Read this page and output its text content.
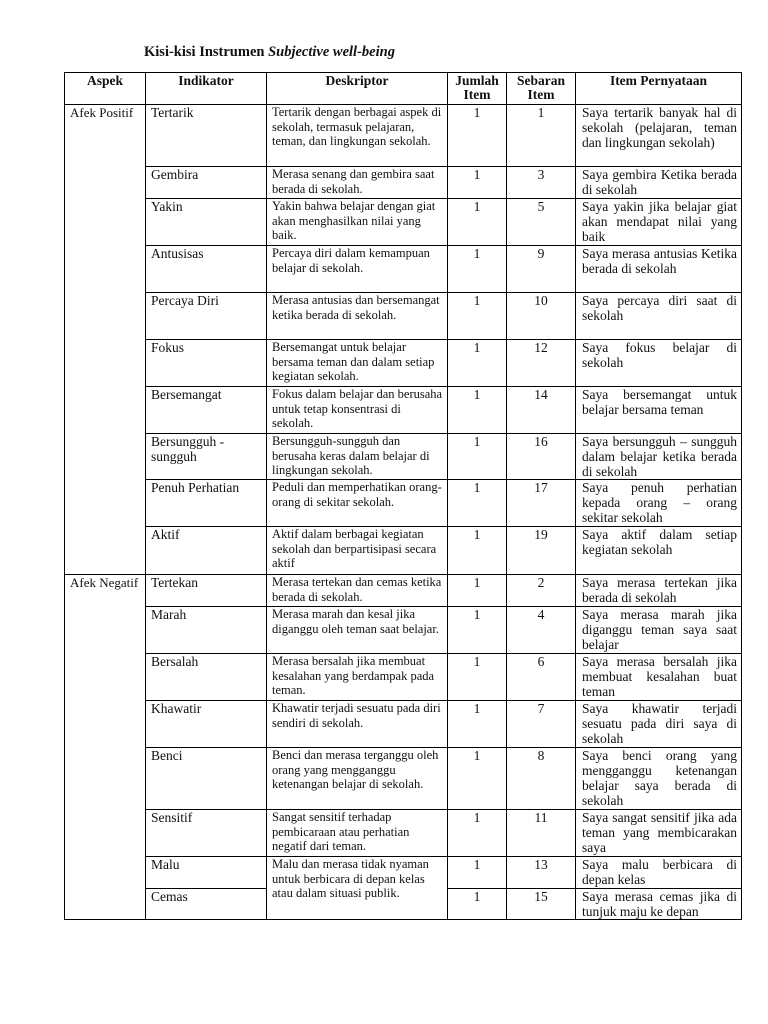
Kisi-kisi Instrumen Subjective well-being
Aspek	Indikator	Deskriptor	Jumlah Item	Sebaran Item	Item Pernyataan
Afek Positif	Tertarik	Tertarik dengan berbagai aspek di sekolah, termasuk pelajaran, teman, dan lingkungan sekolah.	1	1	Saya tertarik banyak hal di sekolah (pelajaran, teman dan lingkungan sekolah)
	Gembira	Merasa senang dan gembira saat berada di sekolah.	1	3	Saya gembira Ketika berada di sekolah
	Yakin	Yakin bahwa belajar dengan giat akan menghasilkan nilai yang baik.	1	5	Saya yakin jika belajar giat akan mendapat nilai yang baik
	Antusisas	Percaya diri dalam kemampuan belajar di sekolah.	1	9	Saya merasa antusias Ketika berada di sekolah
	Percaya Diri	Merasa antusias dan bersemangat ketika berada di sekolah.	1	10	Saya percaya diri saat di sekolah
	Fokus	Bersemangat untuk belajar bersama teman dan dalam setiap kegiatan sekolah.	1	12	Saya fokus belajar di sekolah
	Bersemangat	Fokus dalam belajar dan berusaha untuk tetap konsentrasi di sekolah.	1	14	Saya bersemangat untuk belajar bersama teman
	Bersungguh - sungguh	Bersungguh-sungguh dan berusaha keras dalam belajar di lingkungan sekolah.	1	16	Saya bersungguh – sungguh dalam belajar ketika berada di sekolah
	Penuh Perhatian	Peduli dan memperhatikan orang-orang di sekitar sekolah.	1	17	Saya penuh perhatian kepada orang – orang sekitar sekolah
	Aktif	Aktif dalam berbagai kegiatan sekolah dan berpartisipasi secara aktif	1	19	Saya aktif dalam setiap kegiatan sekolah
Afek Negatif	Tertekan	Merasa tertekan dan cemas ketika berada di sekolah.	1	2	Saya merasa tertekan jika berada di sekolah
	Marah	Merasa marah dan kesal jika diganggu oleh teman saat belajar.	1	4	Saya merasa marah jika diganggu teman saya saat belajar
	Bersalah	Merasa bersalah jika membuat kesalahan yang berdampak pada teman.	1	6	Saya merasa bersalah jika membuat kesalahan buat teman
	Khawatir	Khawatir terjadi sesuatu pada diri sendiri di sekolah.	1	7	Saya khawatir terjadi sesuatu pada diri saya di sekolah
	Benci	Benci dan merasa terganggu oleh orang yang mengganggu ketenangan belajar di sekolah.	1	8	Saya benci orang yang mengganggu ketenangan belajar saya berada di sekolah
	Sensitif	Sangat sensitif terhadap pembicaraan atau perhatian negatif dari teman.	1	11	Saya sangat sensitif jika ada teman yang membicarakan saya
	Malu	Malu dan merasa tidak nyaman untuk berbicara di depan kelas atau dalam situasi publik.	1	13	Saya malu berbicara di depan kelas
	Cemas		1	15	Saya merasa cemas jika di tunjuk maju ke depan
